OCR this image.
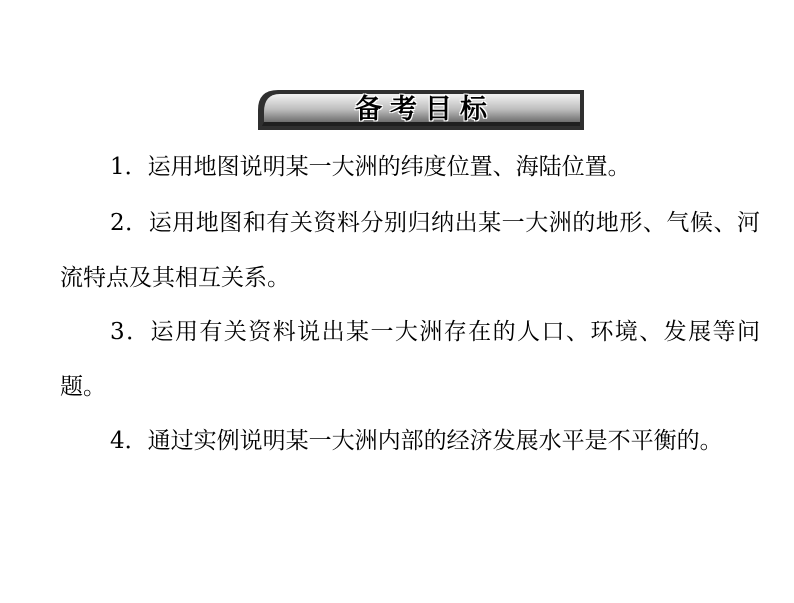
备考目标

1．运用地图说明某一大洲的纬度位置、海陆位置。

2．运用地图和有关资料分别归纳出某一大洲的地形、气候、河流特点及其相互关系。

3．运用有关资料说出某一大洲存在的人口、环境、发展等问题。

4．通过实例说明某一大洲内部的经济发展水平是不平衡的。
